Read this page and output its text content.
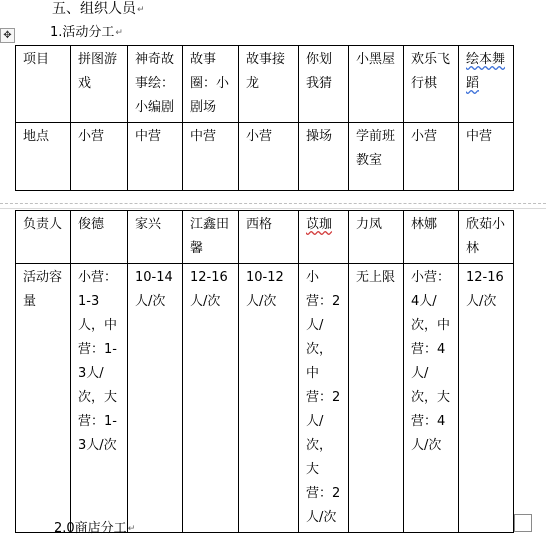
五、组织人员↵
✥	1.活动分工↵
项目	拼图游戏	神奇故事绘：小编剧	故事圈：小剧场	故事接龙	你划我猜	小黑屋	欢乐飞行棋	绘本舞蹈
地点	小营	中营	中营	小营	操场	学前班教室	小营	中营
负责人	俊德	家兴	江鑫田馨	西格	苡珈	力凤	林娜	欣茹小林
活动容量	小营：1-3人，中营：1-3人/次，大营：1-3人/次	10-14人/次	12-16人/次	10-12人/次	小营：2人/次，中营：2人/次，大营：2人/次	无上限	小营：4人/次，中营：4人/次，大营：4人/次	12-16人/次
2.0商店分工↵
